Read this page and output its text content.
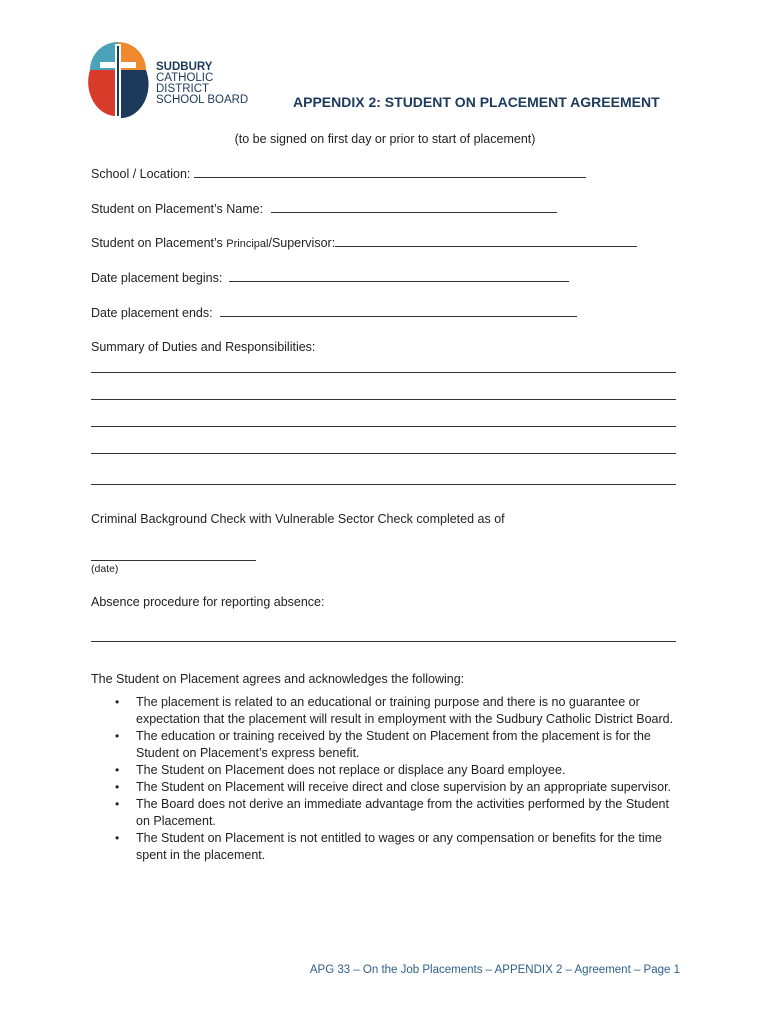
SUDBURY
CATHOLIC
DISTRICT
SCHOOL BOARD	APPENDIX 2: STUDENT ON PLACEMENT AGREEMENT
(to be signed on first day or prior to start of placement)
School / Location:
Student on Placement’s Name:
Student on Placement’s Principal/Supervisor:
Date placement begins:
Date placement ends:
Summary of Duties and Responsibilities:
Criminal Background Check with Vulnerable Sector Check completed as of
(date)
Absence procedure for reporting absence:
The Student on Placement agrees and acknowledges the following:
• The placement is related to an educational or training purpose and there is no guarantee or expectation that the placement will result in employment with the Sudbury Catholic District Board.
• The education or training received by the Student on Placement from the placement is for the Student on Placement’s express benefit.
• The Student on Placement does not replace or displace any Board employee.
• The Student on Placement will receive direct and close supervision by an appropriate supervisor.
• The Board does not derive an immediate advantage from the activities performed by the Student on Placement.
• The Student on Placement is not entitled to wages or any compensation or benefits for the time spent in the placement.
APG 33 – On the Job Placements – APPENDIX 2 – Agreement – Page 1
